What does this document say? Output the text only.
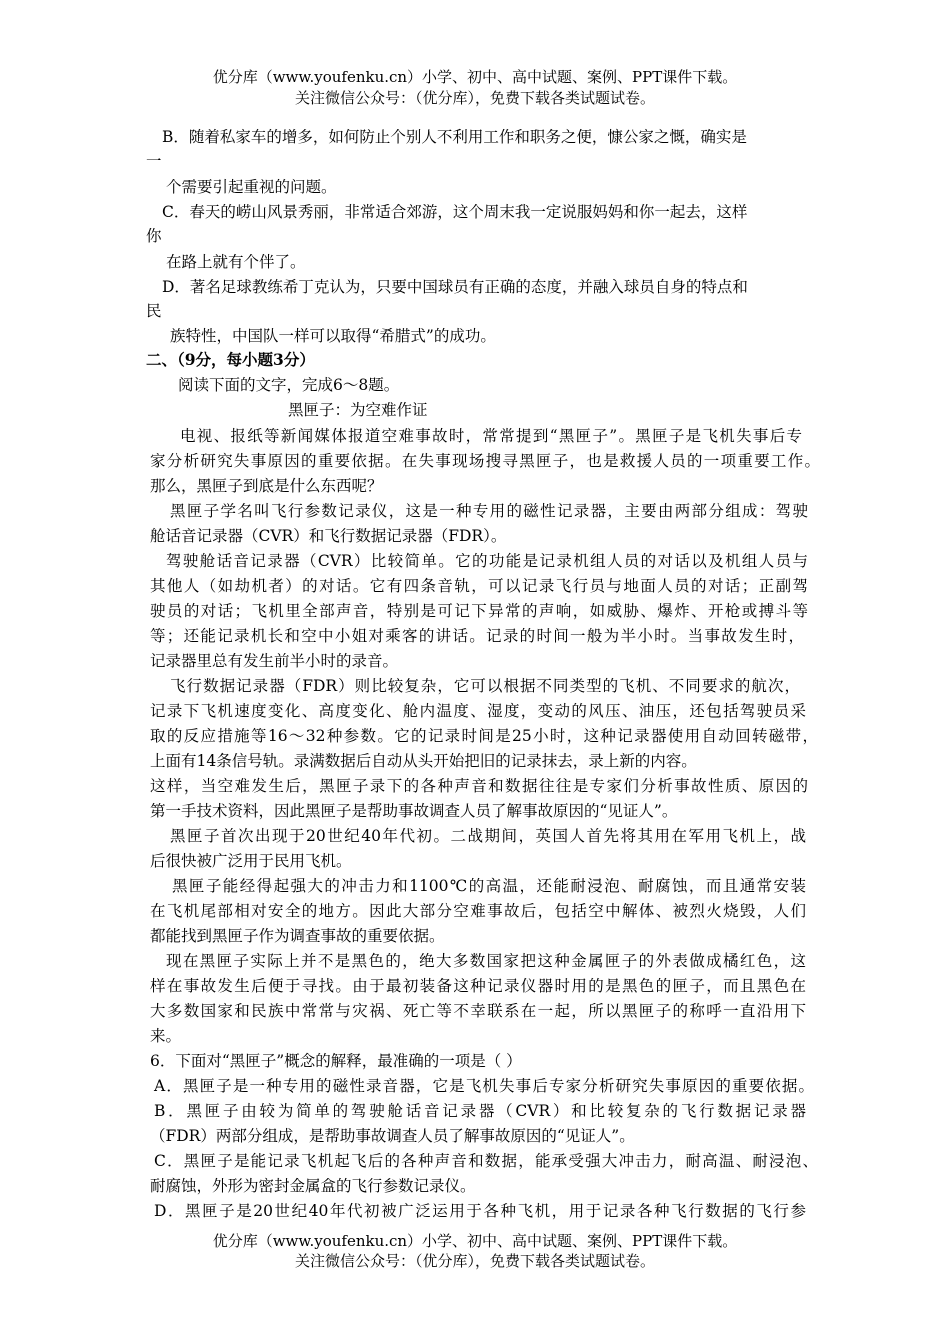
优分库（www.youfenku.cn）小学、初中、高中试题、案例、PPT课件下载。
关注微信公众号：（优分库），免费下载各类试题试卷。
B．随着私家车的增多，如何防止个别人不利用工作和职务之便，慷公家之慨，确实是
一
个需要引起重视的问题。
C．春天的崂山风景秀丽，非常适合郊游，这个周末我一定说服妈妈和你一起去，这样
你
在路上就有个伴了。
D．著名足球教练希丁克认为，只要中国球员有正确的态度，并融入球员自身的特点和
民
族特性，中国队一样可以取得“希腊式”的成功。
二、（9分，每小题3分）
阅读下面的文字，完成6～8题。
黑匣子：为空难作证
电视、报纸等新闻媒体报道空难事故时，常常提到“黑匣子”。黑匣子是飞机失事后专
家分析研究失事原因的重要依据。在失事现场搜寻黑匣子，也是救援人员的一项重要工作。
那么，黑匣子到底是什么东西呢？
黑匣子学名叫飞行参数记录仪，这是一种专用的磁性记录器，主要由两部分组成：驾驶
舱话音记录器（CVR）和飞行数据记录器（FDR）。
驾驶舱话音记录器（CVR）比较简单。它的功能是记录机组人员的对话以及机组人员与
其他人（如劫机者）的对话。它有四条音轨，可以记录飞行员与地面人员的对话；正副驾
驶员的对话；飞机里全部声音，特别是可记下异常的声响，如威胁、爆炸、开枪或搏斗等
等；还能记录机长和空中小姐对乘客的讲话。记录的时间一般为半小时。当事故发生时，
记录器里总有发生前半小时的录音。
飞行数据记录器（FDR）则比较复杂，它可以根据不同类型的飞机、不同要求的航次，
记录下飞机速度变化、高度变化、舱内温度、湿度，变动的风压、油压，还包括驾驶员采
取的反应措施等16～32种参数。它的记录时间是25小时，这种记录器使用自动回转磁带，
上面有14条信号轨。录满数据后自动从头开始把旧的记录抹去，录上新的内容。
这样，当空难发生后，黑匣子录下的各种声音和数据往往是专家们分析事故性质、原因的
第一手技术资料，因此黑匣子是帮助事故调查人员了解事故原因的“见证人”。
黑匣子首次出现于20世纪40年代初。二战期间，英国人首先将其用在军用飞机上，战
后很快被广泛用于民用飞机。
黑匣子能经得起强大的冲击力和1100℃的高温，还能耐浸泡、耐腐蚀，而且通常安装
在飞机尾部相对安全的地方。因此大部分空难事故后，包括空中解体、被烈火烧毁，人们
都能找到黑匣子作为调查事故的重要依据。
现在黑匣子实际上并不是黑色的，绝大多数国家把这种金属匣子的外表做成橘红色，这
样在事故发生后便于寻找。由于最初装备这种记录仪器时用的是黑色的匣子，而且黑色在
大多数国家和民族中常常与灾祸、死亡等不幸联系在一起，所以黑匣子的称呼一直沿用下
来。
6．下面对“黑匣子”概念的解释，最准确的一项是（ ）
A．黑匣子是一种专用的磁性录音器，它是飞机失事后专家分析研究失事原因的重要依据。
B．黑匣子由较为简单的驾驶舱话音记录器（CVR）和比较复杂的飞行数据记录器
（FDR）两部分组成，是帮助事故调查人员了解事故原因的“见证人”。
C．黑匣子是能记录飞机起飞后的各种声音和数据，能承受强大冲击力，耐高温、耐浸泡、
耐腐蚀，外形为密封金属盒的飞行参数记录仪。
D．黑匣子是20世纪40年代初被广泛运用于各种飞机，用于记录各种飞行数据的飞行参
优分库（www.youfenku.cn）小学、初中、高中试题、案例、PPT课件下载。
关注微信公众号：（优分库），免费下载各类试题试卷。
